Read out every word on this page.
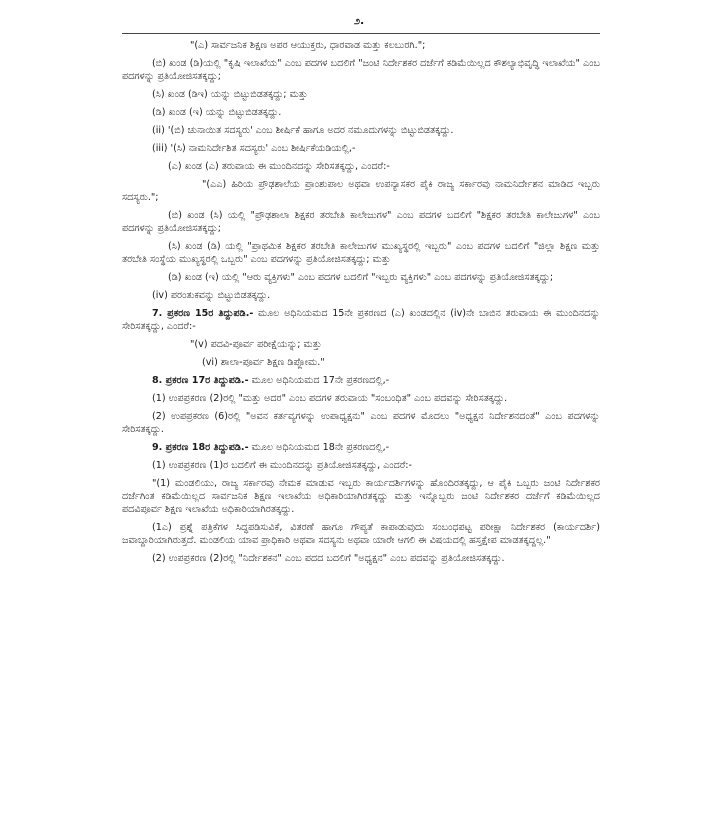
೨.

"(ಎ) ಸಾರ್ವಜನಿಕ ಶಿಕ್ಷಣ ಅಪರ ಆಯುಕ್ತರು, ಧಾರವಾಡ ಮತ್ತು ಕಲಬುರಗಿ.";

(ಬಿ) ಖಂಡ (ಡಿ)ಯಲ್ಲಿ "ಕೃಷಿ ಇಲಾಖೆಯ" ಎಂಬ ಪದಗಳ ಬದಲಿಗೆ "ಜಂಟಿ ನಿರ್ದೇಶಕರ ದರ್ಜೆಗೆ ಕಡಿಮೆಯಿಲ್ಲದ ಕೌಶಲ್ಯಾಭಿವೃದ್ಧಿ ಇಲಾಖೆಯ" ಎಂಬ ಪದಗಳನ್ನು ಪ್ರತಿಯೋಜಿಸತಕ್ಕದ್ದು;

(ಸಿ) ಖಂಡ (ಡಿಇ) ಯನ್ನು ಬಿಟ್ಟುಬಿಡತಕ್ಕದ್ದು; ಮತ್ತು

(ಡಿ) ಖಂಡ (ಇ) ಯನ್ನು ಬಿಟ್ಟುಬಿಡತಕ್ಕದ್ದು.

(ii) '(ಬಿ) ಚುನಾಯಿತ ಸದಸ್ಯರು' ಎಂಬ ಶೀರ್ಷಿಕೆ ಹಾಗೂ ಅದರ ನಮೂದುಗಳನ್ನು ಬಿಟ್ಟುಬಿಡತಕ್ಕದ್ದು.

(iii) '(ಸಿ) ನಾಮನಿರ್ದೇಶಿತ ಸದಸ್ಯರು' ಎಂಬ ಶೀರ್ಷಿಕೆಯಡಿಯಲ್ಲಿ,-

(ಎ) ಖಂಡ (ಎ) ತರುವಾಯ ಈ ಮುಂದಿನದನ್ನು ಸೇರಿಸತಕ್ಕದ್ದು, ಎಂದರೆ:-

"(ಎಎ) ಹಿರಿಯ ಪ್ರೌಢಶಾಲೆಯ ಪ್ರಾಂಶುಪಾಲ ಅಥವಾ ಉಪನ್ಯಾಸಕರ ಪೈಕಿ ರಾಜ್ಯ ಸರ್ಕಾರವು ನಾಮನಿರ್ದೇಶನ ಮಾಡಿದ ಇಬ್ಬರು ಸದಸ್ಯರು.";

(ಬಿ) ಖಂಡ (ಸಿ) ಯಲ್ಲಿ "ಪ್ರೌಢಶಾಲಾ ಶಿಕ್ಷಕರ ತರಬೇತಿ ಕಾಲೇಜುಗಳ" ಎಂಬ ಪದಗಳ ಬದಲಿಗೆ "ಶಿಕ್ಷಕರ ತರಬೇತಿ ಕಾಲೇಜುಗಳ" ಎಂಬ ಪದಗಳನ್ನು ಪ್ರತಿಯೋಜಿಸತಕ್ಕದ್ದು;

(ಸಿ) ಖಂಡ (ಡಿ) ಯಲ್ಲಿ "ಪ್ರಾಥಮಿಕ ಶಿಕ್ಷಕರ ತರಬೇತಿ ಕಾಲೇಜುಗಳ ಮುಖ್ಯಸ್ಥರಲ್ಲಿ ಇಬ್ಬರು" ಎಂಬ ಪದಗಳ ಬದಲಿಗೆ "ಜಿಲ್ಲಾ ಶಿಕ್ಷಣ ಮತ್ತು ತರಬೇತಿ ಸಂಸ್ಥೆಯ ಮುಖ್ಯಸ್ಥರಲ್ಲಿ ಒಬ್ಬರು" ಎಂಬ ಪದಗಳನ್ನು ಪ್ರತಿಯೋಜಿಸತಕ್ಕದ್ದು; ಮತ್ತು

(ಡಿ) ಖಂಡ (ಇ) ಯಲ್ಲಿ "ಆರು ವ್ಯಕ್ತಿಗಳು" ಎಂಬ ಪದಗಳ ಬದಲಿಗೆ "ಇಬ್ಬರು ವ್ಯಕ್ತಿಗಳು" ಎಂಬ ಪದಗಳನ್ನು ಪ್ರತಿಯೋಜಿಸತಕ್ಕದ್ದು;

(iv) ಪರಂತುಕವನ್ನು ಬಿಟ್ಟುಬಿಡತಕ್ಕದ್ದು.

7. ಪ್ರಕರಣ 15ರ ತಿದ್ದುಪಡಿ.- ಮೂಲ ಅಧಿನಿಯಮದ 15ನೇ ಪ್ರಕರಣದ (ಎ) ಖಂಡದಲ್ಲಿನ (iv)ನೇ ಬಾಬಿನ ತರುವಾಯ ಈ ಮುಂದಿನದನ್ನು ಸೇರಿಸತಕ್ಕದ್ದು, ಎಂದರೆ:-

"(v) ಪದವಿ-ಪೂರ್ವ ಪರೀಕ್ಷೆಯನ್ನು; ಮತ್ತು

(vi) ಶಾಲಾ-ಪೂರ್ವ ಶಿಕ್ಷಣ ಡಿಪ್ಲೋಮ."

8. ಪ್ರಕರಣ 17ರ ತಿದ್ದುಪಡಿ.- ಮೂಲ ಅಧಿನಿಯಮದ 17ನೇ ಪ್ರಕರಣದಲ್ಲಿ,-

(1) ಉಪಪ್ರಕರಣ (2)ರಲ್ಲಿ "ಮತ್ತು ಅದರ" ಎಂಬ ಪದಗಳ ತರುವಾಯ "ಸಂಬಂಧಿತ" ಎಂಬ ಪದವನ್ನು ಸೇರಿಸತಕ್ಕದ್ದು.

(2) ಉಪಪ್ರಕರಣ (6)ರಲ್ಲಿ "ಅವನ ಕರ್ತವ್ಯಗಳನ್ನು ಉಪಾಧ್ಯಕ್ಷನು" ಎಂಬ ಪದಗಳ ಮೊದಲು "ಅಧ್ಯಕ್ಷನ ನಿರ್ದೇಶನದಂತೆ" ಎಂಬ ಪದಗಳನ್ನು ಸೇರಿಸತಕ್ಕದ್ದು.

9. ಪ್ರಕರಣ 18ರ ತಿದ್ದುಪಡಿ.- ಮೂಲ ಅಧಿನಿಯಮದ 18ನೇ ಪ್ರಕರಣದಲ್ಲಿ,-

(1) ಉಪಪ್ರಕರಣ (1)ರ ಬದಲಿಗೆ ಈ ಮುಂದಿನದನ್ನು ಪ್ರತಿಯೋಜಿಸತಕ್ಕದ್ದು, ಎಂದರೆ:-

"(1) ಮಂಡಲಿಯು, ರಾಜ್ಯ ಸರ್ಕಾರವು ನೇಮಕ ಮಾಡುವ ಇಬ್ಬರು ಕಾರ್ಯದರ್ಶಿಗಳನ್ನು ಹೊಂದಿರತಕ್ಕದ್ದು, ಆ ಪೈಕಿ ಒಬ್ಬರು ಜಂಟಿ ನಿರ್ದೇಶಕರ ದರ್ಜೆಗಿಂತ ಕಡಿಮೆಯಿಲ್ಲದ ಸಾರ್ವಜನಿಕ ಶಿಕ್ಷಣ ಇಲಾಖೆಯ ಅಧಿಕಾರಿಯಾಗಿರತಕ್ಕದ್ದು ಮತ್ತು ಇನ್ನೊಬ್ಬರು ಜಂಟಿ ನಿರ್ದೇಶಕರ ದರ್ಜೆಗೆ ಕಡಿಮೆಯಿಲ್ಲದ ಪದವಿಪೂರ್ವ ಶಿಕ್ಷಣ ಇಲಾಖೆಯ ಅಧಿಕಾರಿಯಾಗಿರತಕ್ಕದ್ದು.

(1ಎ) ಪ್ರಶ್ನೆ ಪತ್ರಿಕೆಗಳ ಸಿದ್ಧಪಡಿಸುವಿಕೆ, ವಿತರಣೆ ಹಾಗೂ ಗೌಪ್ಯತೆ ಕಾಪಾಡುವುದು ಸಂಬಂಧಪಟ್ಟ ಪರೀಕ್ಷಾ ನಿರ್ದೇಶಕರ (ಕಾರ್ಯದರ್ಶಿ) ಜವಾಬ್ದಾರಿಯಾಗಿರುತ್ತದೆ. ಮಂಡಲಿಯ ಯಾವ ಪ್ರಾಧಿಕಾರಿ ಅಥವಾ ಸದಸ್ಯನು ಅಥವಾ ಯಾರೇ ಆಗಲಿ ಈ ವಿಷಯದಲ್ಲಿ ಹಸ್ತಕ್ಷೇಪ ಮಾಡತಕ್ಕದ್ದಲ್ಲ."

(2) ಉಪಪ್ರಕರಣ (2)ರಲ್ಲಿ "ನಿರ್ದೇಶಕನ" ಎಂಬ ಪದದ ಬದಲಿಗೆ "ಅಧ್ಯಕ್ಷನ" ಎಂಬ ಪದವನ್ನು ಪ್ರತಿಯೋಜಿಸತಕ್ಕದ್ದು.
